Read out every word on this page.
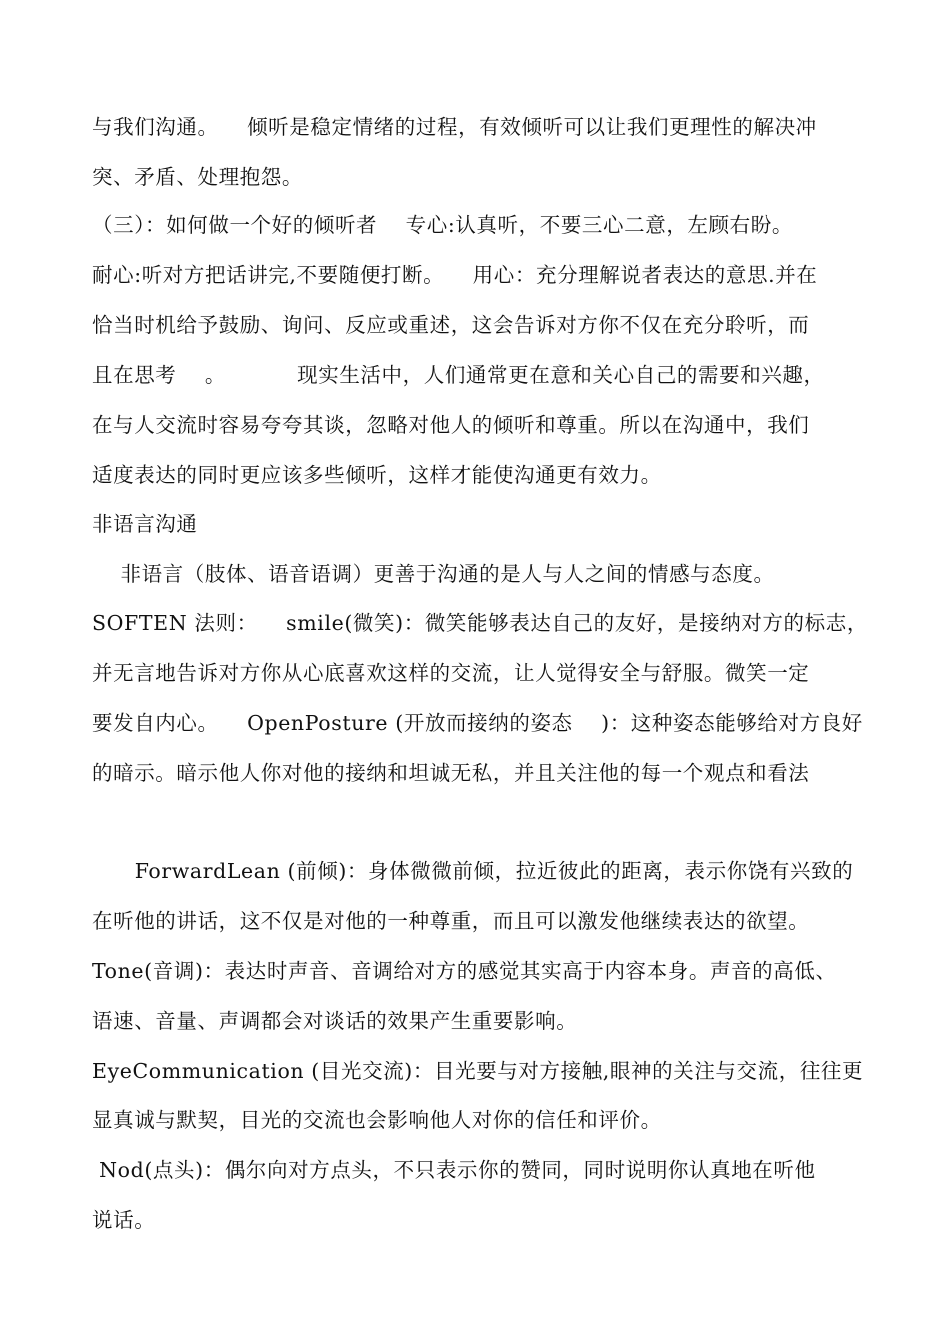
与我们沟通。    倾听是稳定情绪的过程，有效倾听可以让我们更理性的解决冲
突、矛盾、处理抱怨。
（三）：如何做一个好的倾听者    专心:认真听，不要三心二意，左顾右盼。
耐心:听对方把话讲完,不要随便打断。    用心：充分理解说者表达的意思.并在
恰当时机给予鼓励、询问、反应或重述，这会告诉对方你不仅在充分聆听，而
且在思考    。          现实生活中，人们通常更在意和关心自己的需要和兴趣，
在与人交流时容易夸夸其谈，忽略对他人的倾听和尊重。所以在沟通中，我们
适度表达的同时更应该多些倾听，这样才能使沟通更有效力。
非语言沟通
非语言（肢体、语音语调）更善于沟通的是人与人之间的情感与态度。
SOFTEN 法则：    smile(微笑)：微笑能够表达自己的友好，是接纳对方的标志，
并无言地告诉对方你从心底喜欢这样的交流，让人觉得安全与舒服。微笑一定
要发自内心。    OpenPosture (开放而接纳的姿态    )：这种姿态能够给对方良好
的暗示。暗示他人你对他的接纳和坦诚无私，并且关注他的每一个观点和看法
ForwardLean (前倾)：身体微微前倾，拉近彼此的距离，表示你饶有兴致的
在听他的讲话，这不仅是对他的一种尊重，而且可以激发他继续表达的欲望。
Tone(音调)：表达时声音、音调给对方的感觉其实高于内容本身。声音的高低、
语速、音量、声调都会对谈话的效果产生重要影响。
EyeCommunication (目光交流)：目光要与对方接触,眼神的关注与交流，往往更
显真诚与默契，目光的交流也会影响他人对你的信任和评价。
Nod(点头)：偶尔向对方点头，不只表示你的赞同，同时说明你认真地在听他
说话。
